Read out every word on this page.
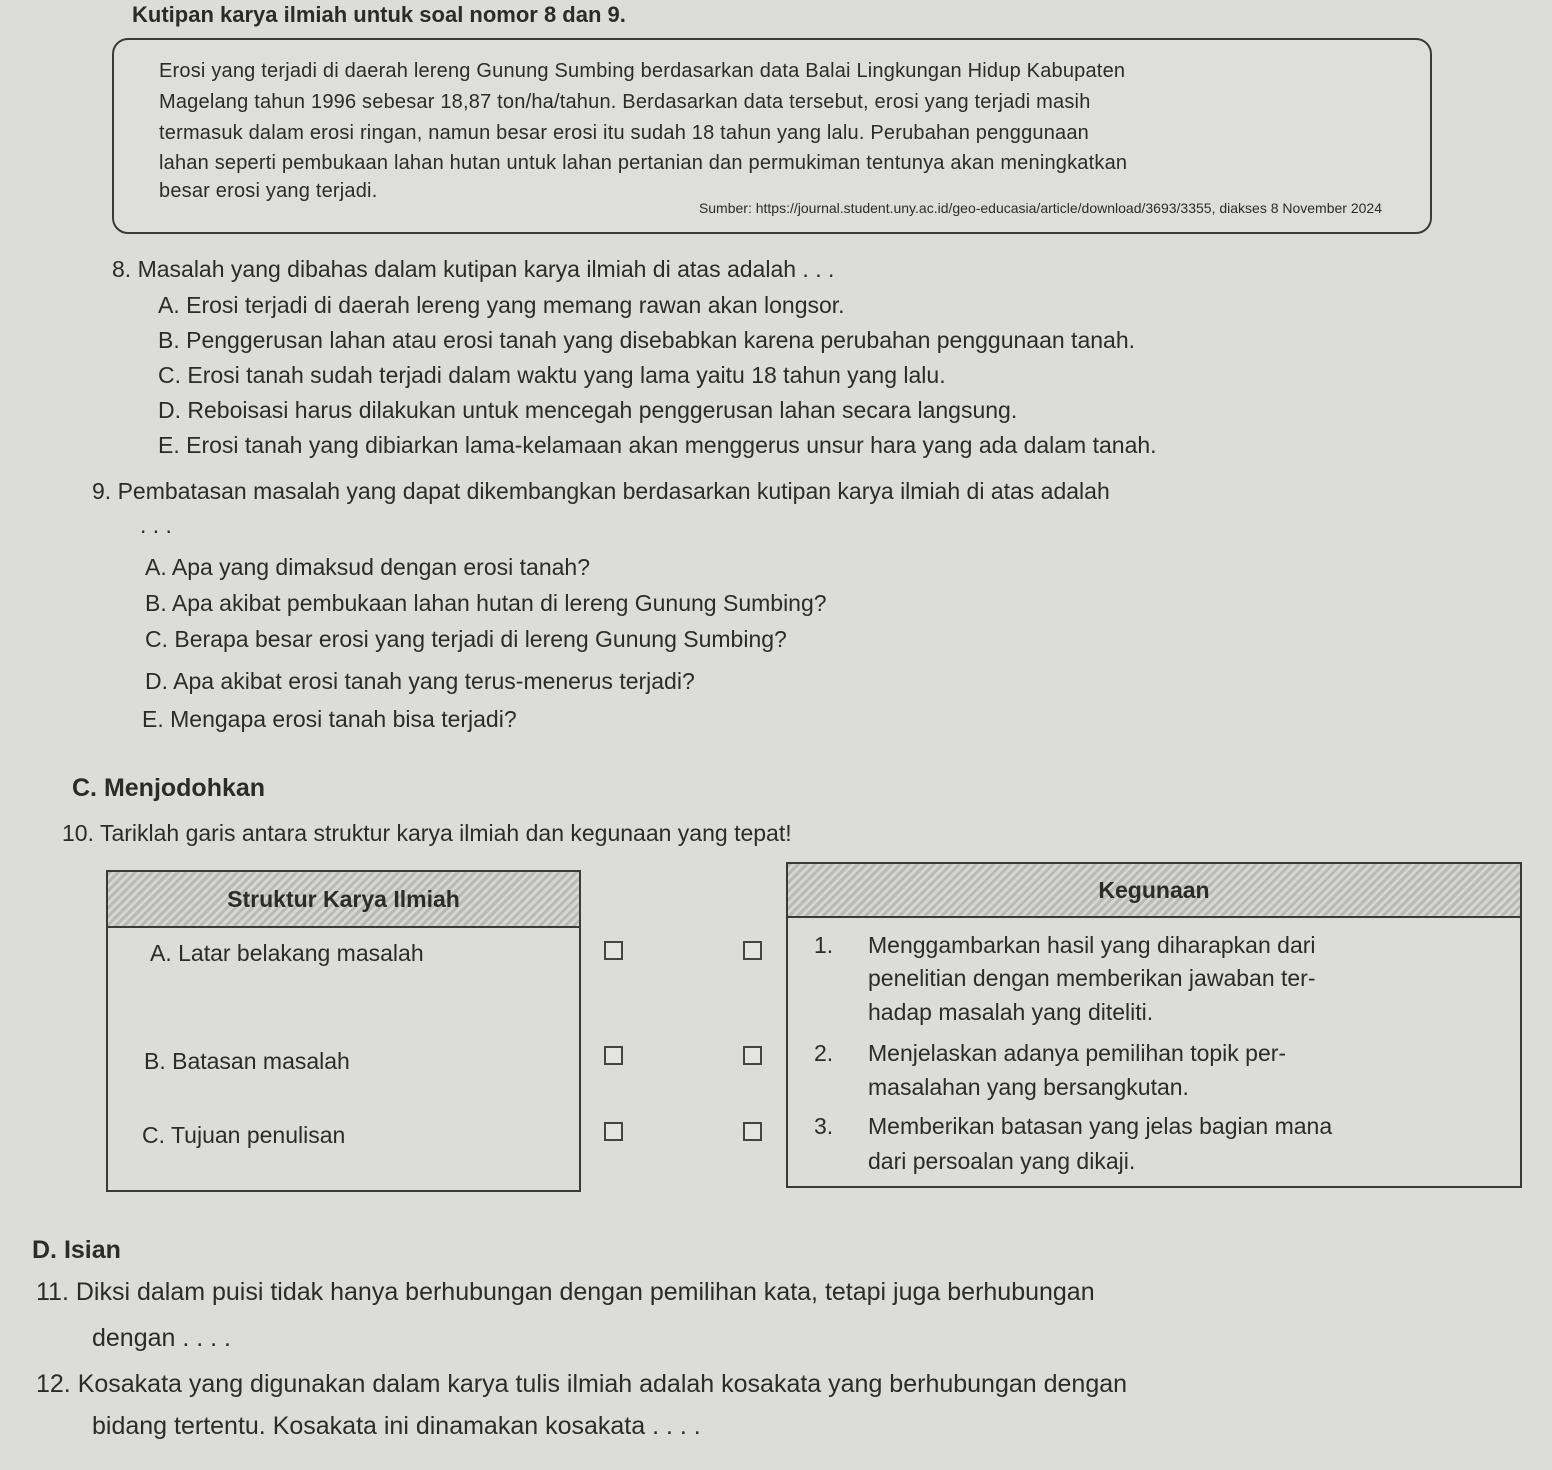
Kutipan karya ilmiah untuk soal nomor 8 dan 9.
Erosi yang terjadi di daerah lereng Gunung Sumbing berdasarkan data Balai Lingkungan Hidup Kabupaten
Magelang tahun 1996 sebesar 18,87 ton/ha/tahun. Berdasarkan data tersebut, erosi yang terjadi masih
termasuk dalam erosi ringan, namun besar erosi itu sudah 18 tahun yang lalu. Perubahan penggunaan
lahan seperti pembukaan lahan hutan untuk lahan pertanian dan permukiman tentunya akan meningkatkan
besar erosi yang terjadi.
Sumber: https://journal.student.uny.ac.id/geo-educasia/article/download/3693/3355, diakses 8 November 2024
8. Masalah yang dibahas dalam kutipan karya ilmiah di atas adalah . . .
A. Erosi terjadi di daerah lereng yang memang rawan akan longsor.
B. Penggerusan lahan atau erosi tanah yang disebabkan karena perubahan penggunaan tanah.
C. Erosi tanah sudah terjadi dalam waktu yang lama yaitu 18 tahun yang lalu.
D. Reboisasi harus dilakukan untuk mencegah penggerusan lahan secara langsung.
E. Erosi tanah yang dibiarkan lama-kelamaan akan menggerus unsur hara yang ada dalam tanah.
9. Pembatasan masalah yang dapat dikembangkan berdasarkan kutipan karya ilmiah di atas adalah
. . .
A. Apa yang dimaksud dengan erosi tanah?
B. Apa akibat pembukaan lahan hutan di lereng Gunung Sumbing?
C. Berapa besar erosi yang terjadi di lereng Gunung Sumbing?
D. Apa akibat erosi tanah yang terus-menerus terjadi?
E. Mengapa erosi tanah bisa terjadi?
C. Menjodohkan
10. Tariklah garis antara struktur karya ilmiah dan kegunaan yang tepat!
Struktur Karya Ilmiah
A. Latar belakang masalah
B. Batasan masalah
C. Tujuan penulisan
Kegunaan
1. Menggambarkan hasil yang diharapkan dari
penelitian dengan memberikan jawaban ter-
hadap masalah yang diteliti.
2. Menjelaskan adanya pemilihan topik per-
masalahan yang bersangkutan.
3. Memberikan batasan yang jelas bagian mana
dari persoalan yang dikaji.
D. Isian
11. Diksi dalam puisi tidak hanya berhubungan dengan pemilihan kata, tetapi juga berhubungan
dengan . . . .
12. Kosakata yang digunakan dalam karya tulis ilmiah adalah kosakata yang berhubungan dengan
bidang tertentu. Kosakata ini dinamakan kosakata . . . .
